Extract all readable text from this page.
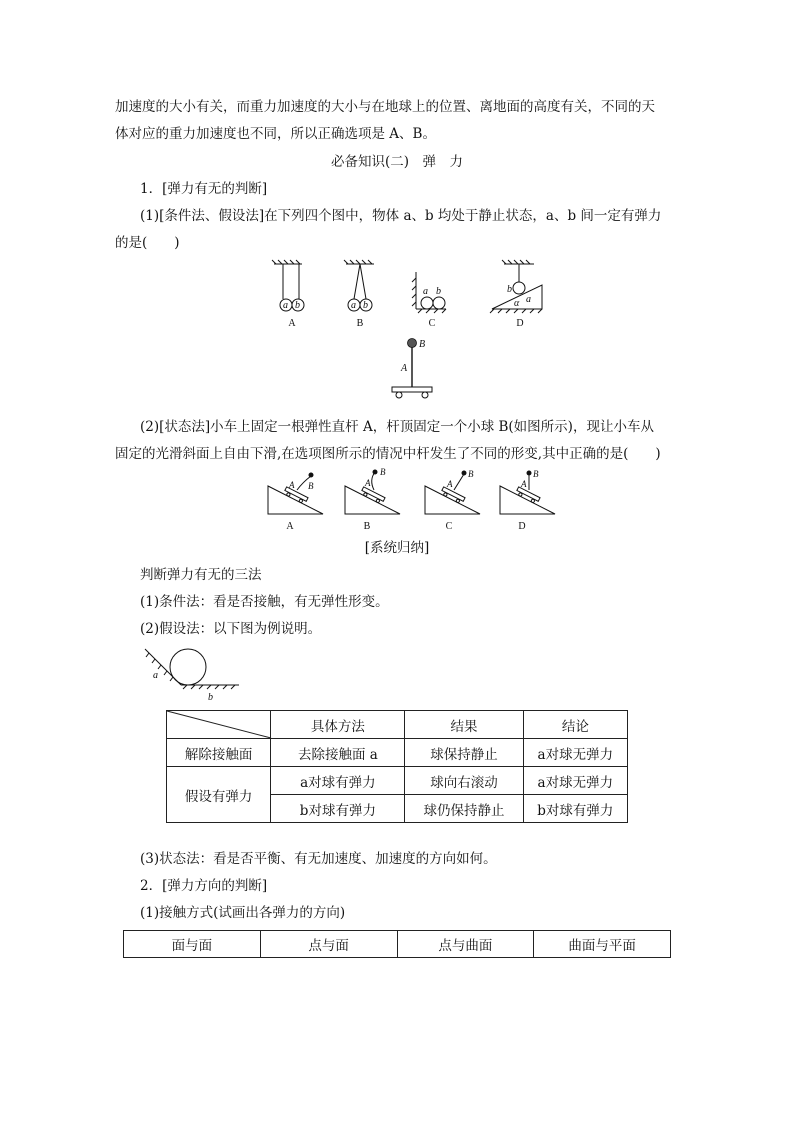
加速度的大小有关，而重力加速度的大小与在地球上的位置、离地面的高度有关，不同的天
体对应的重力加速度也不同，所以正确选项是 A、B。
必备知识(二)　弹　力
1．[弹力有无的判断]
(1)[条件法、假设法]在下列四个图中，物体 a、b 均处于静止状态，a、b 间一定有弹力
的是(　　)
a b	a b
a b	b
a
α
A	B	C	D
B
A
(2)[状态法]小车上固定一根弹性直杆 A，杆顶固定一个小球 B(如图所示)，现让小车从
固定的光滑斜面上自由下滑,在选项图所示的情况中杆发生了不同的形变,其中正确的是(　　)
A B	A
B
A
B
A
B
A	B	C	D
[系统归纳]
判断弹力有无的三法
(1)条件法：看是否接触，有无弹性形变。
(2)假设法：以下图为例说明。
a
b
	具体方法	结果	结论
解除接触面	去除接触面 a	球保持静止	a对球无弹力
假设有弹力	a对球有弹力	球向右滚动	a对球无弹力
	b对球有弹力	球仍保持静止	b对球有弹力
(3)状态法：看是否平衡、有无加速度、加速度的方向如何。
2．[弹力方向的判断]
(1)接触方式(试画出各弹力的方向)
面与面	点与面	点与曲面	曲面与平面
